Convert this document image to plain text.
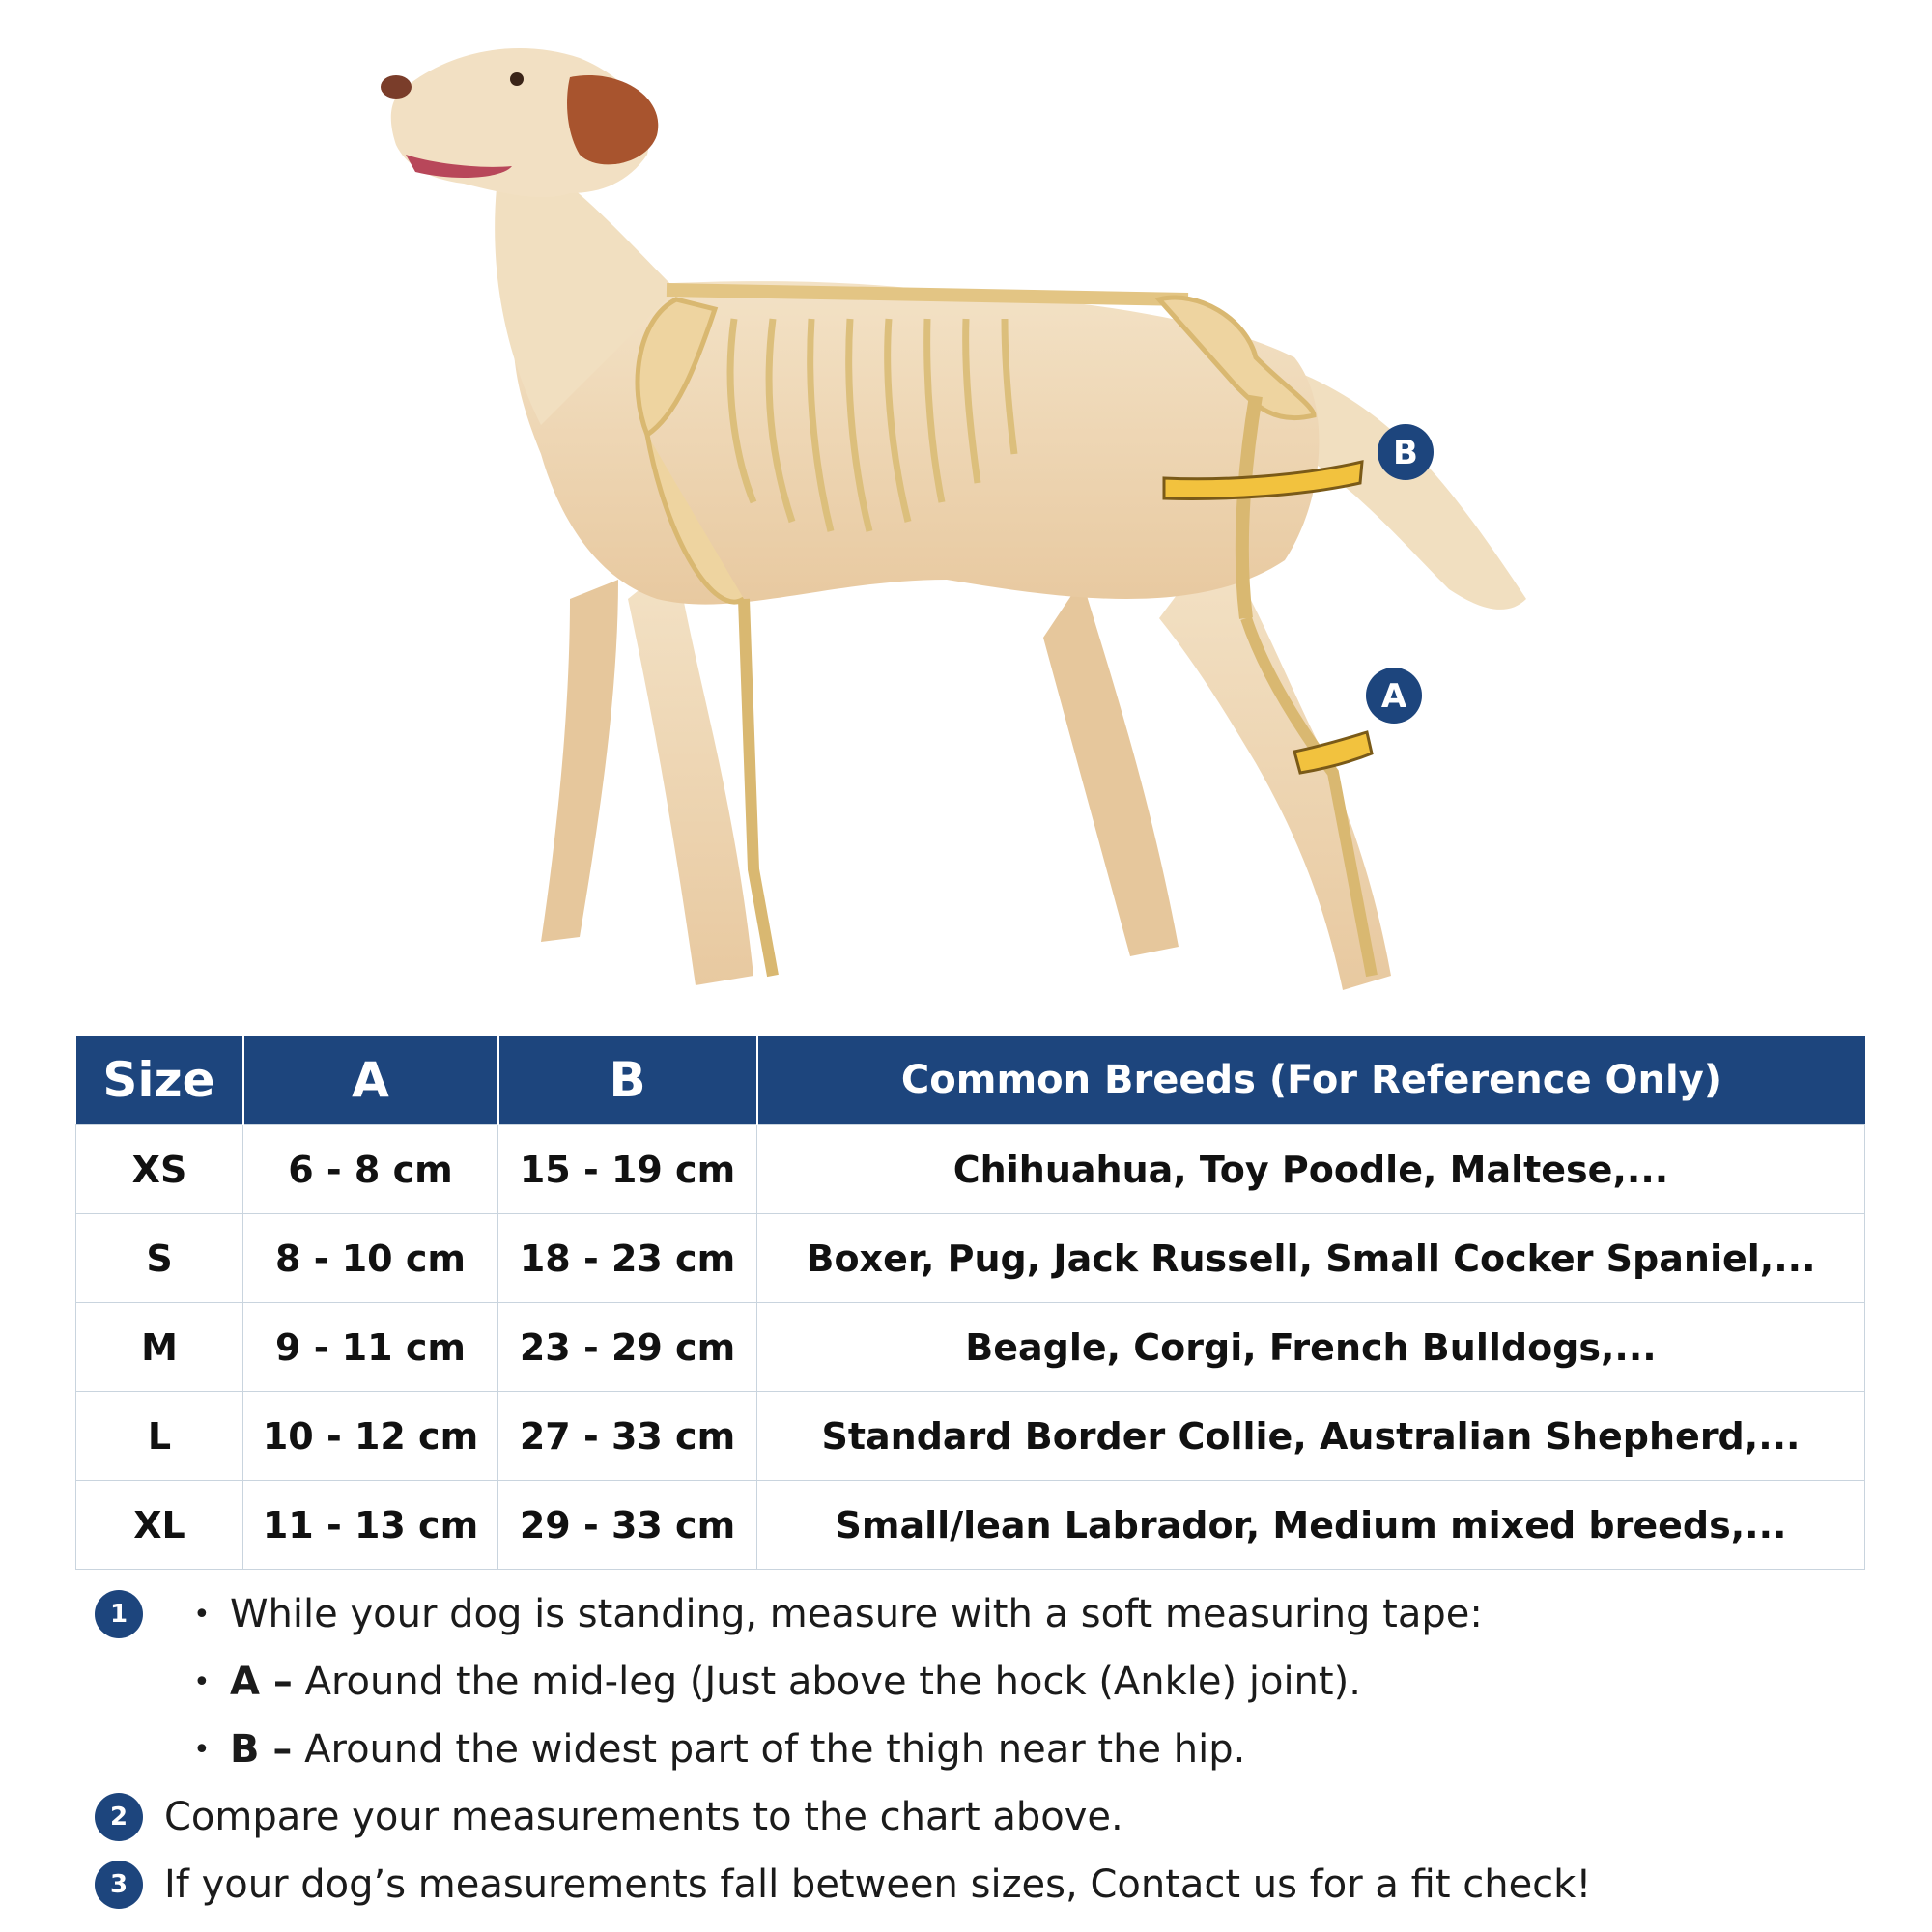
B
A
Size	A	B	Common Breeds (For Reference Only)
XS	6 - 8 cm	15 - 19 cm	Chihuahua, Toy Poodle, Maltese,...
S	8 - 10 cm	18 - 23 cm	Boxer, Pug, Jack Russell, Small Cocker Spaniel,...
M	9 - 11 cm	23 - 29 cm	Beagle, Corgi, French Bulldogs,...
L	10 - 12 cm	27 - 33 cm	Standard Border Collie, Australian Shepherd,...
XL	11 - 13 cm	29 - 33 cm	Small/lean Labrador, Medium mixed breeds,...
1	• While your dog is standing, measure with a soft measuring tape:
• A – Around the mid-leg (Just above the hock (Ankle) joint).
• B – Around the widest part of the thigh near the hip.
2 Compare your measurements to the chart above.
3 If your dog’s measurements fall between sizes, Contact us for a fit check!
